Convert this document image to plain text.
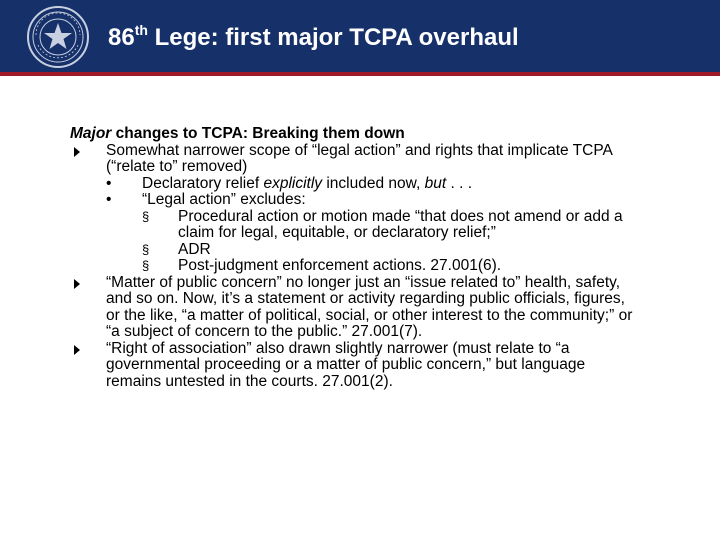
86th Lege: first major TCPA overhaul

Major changes to TCPA: Breaking them down

Somewhat narrower scope of “legal action” and rights that implicate TCPA (“relate to” removed)
• Declaratory relief explicitly included now, but . . .
• “Legal action” excludes:
§ Procedural action or motion made “that does not amend or add a claim for legal, equitable, or declaratory relief;”
§ ADR
§ Post-judgment enforcement actions. 27.001(6).
“Matter of public concern” no longer just an “issue related to” health, safety, and so on. Now, it’s a statement or activity regarding public officials, figures, or the like, “a matter of political, social, or other interest to the community;” or “a subject of concern to the public.” 27.001(7).
“Right of association” also drawn slightly narrower (must relate to “a governmental proceeding or a matter of public concern,” but language remains untested in the courts. 27.001(2).
